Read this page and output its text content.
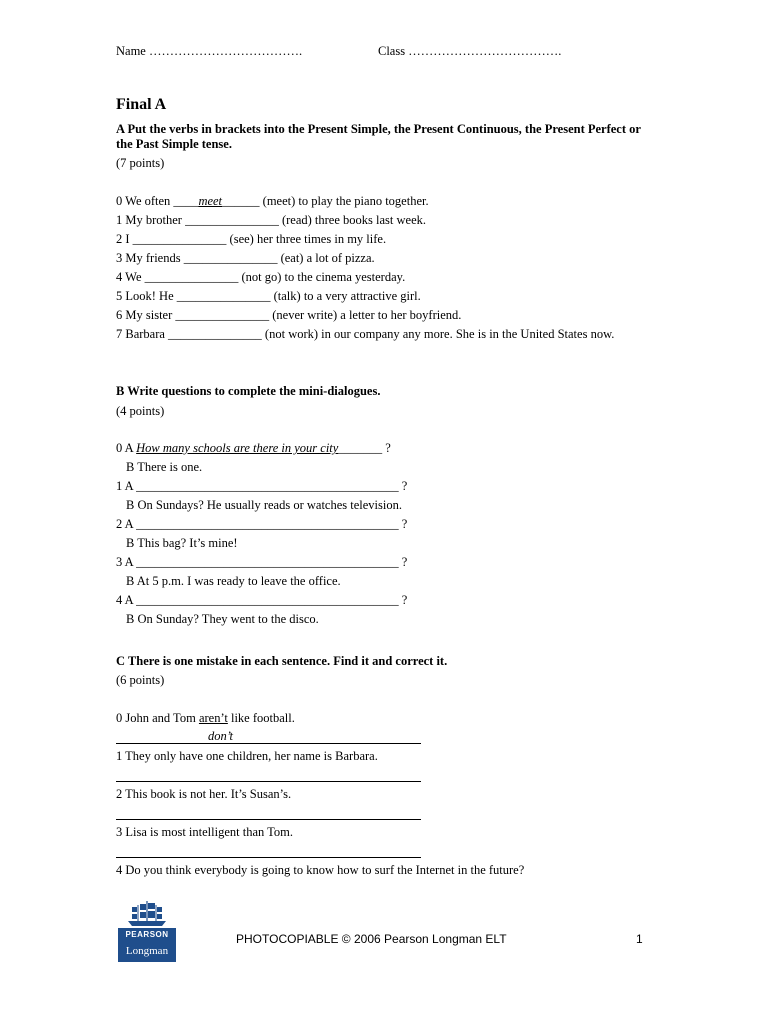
Name ……………………………….	Class ……………………………….
Final A
A Put the verbs in brackets into the Present Simple, the Present Continuous, the Present Perfect or the Past Simple tense.
(7 points)
0 We often ____meet______ (meet) to play the piano together.
1 My brother _______________ (read) three books last week.
2 I _______________ (see) her three times in my life.
3 My friends _______________ (eat) a lot of pizza.
4 We _______________ (not go) to the cinema yesterday.
5 Look! He _______________ (talk) to a very attractive girl.
6 My sister _______________ (never write) a letter to her boyfriend.
7 Barbara _______________ (not work) in our company any more. She is in the United States now.
B Write questions to complete the mini-dialogues.
(4 points)
0 A How many schools are there in your city_______ ?
B There is one.
1 A __________________________________________ ?
B On Sundays? He usually reads or watches television.
2 A __________________________________________ ?
B This bag? It’s mine!
3 A __________________________________________ ?
B At 5 p.m. I was ready to leave the office.
4 A __________________________________________ ?
B On Sunday? They went to the disco.
C There is one mistake in each sentence. Find it and correct it.
(6 points)
0 John and Tom aren’t like football.
don’t
1 They only have one children, her name is Barbara.
2 This book is not her. It’s Susan’s.
3 Lisa is most intelligent than Tom.
4 Do you think everybody is going to know how to surf the Internet in the future?
PEARSON
Longman
PHOTOCOPIABLE © 2006 Pearson Longman ELT	1
